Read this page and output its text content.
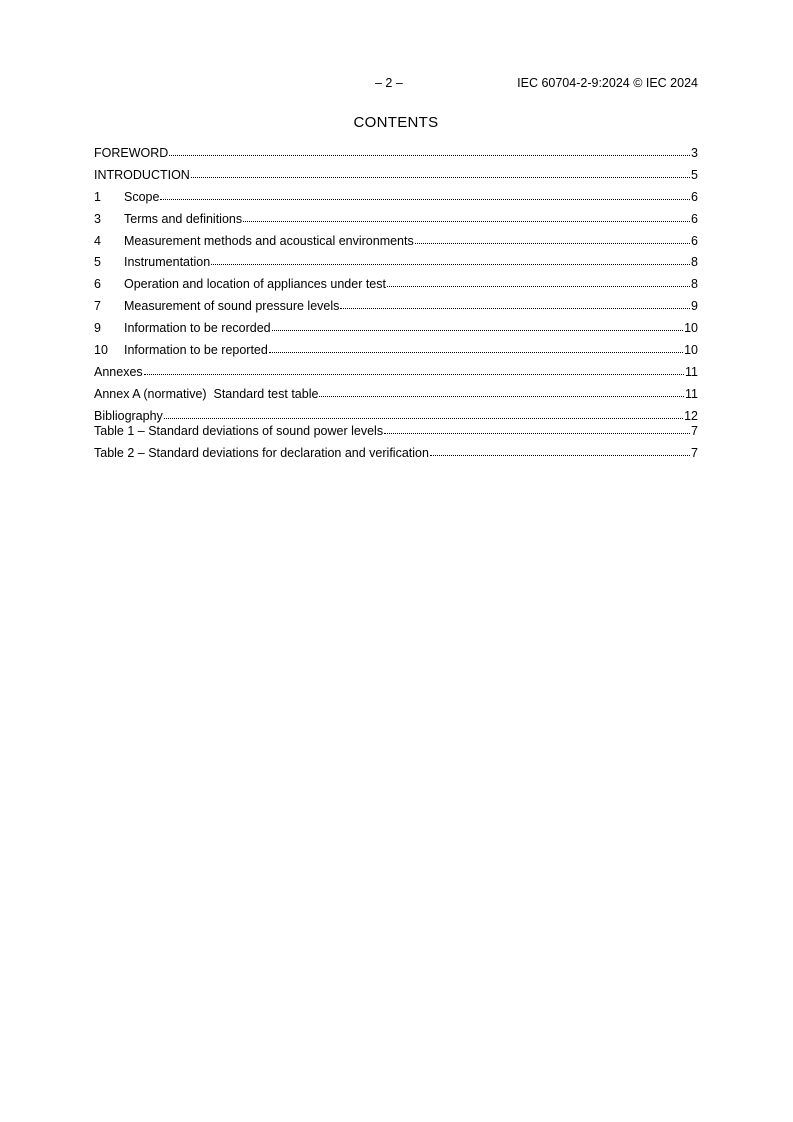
– 2 –	IEC 60704-2-9:2024 © IEC 2024
CONTENTS
FOREWORD	3
INTRODUCTION	5
1	Scope	6
3	Terms and definitions	6
4	Measurement methods and acoustical environments	6
5	Instrumentation	8
6	Operation and location of appliances under test	8
7	Measurement of sound pressure levels	9
9	Information to be recorded	10
10	Information to be reported	10
Annexes	11
Annex A (normative)  Standard test table	11
Bibliography	12
Table 1 – Standard deviations of sound power levels	7
Table 2 – Standard deviations for declaration and verification	7
